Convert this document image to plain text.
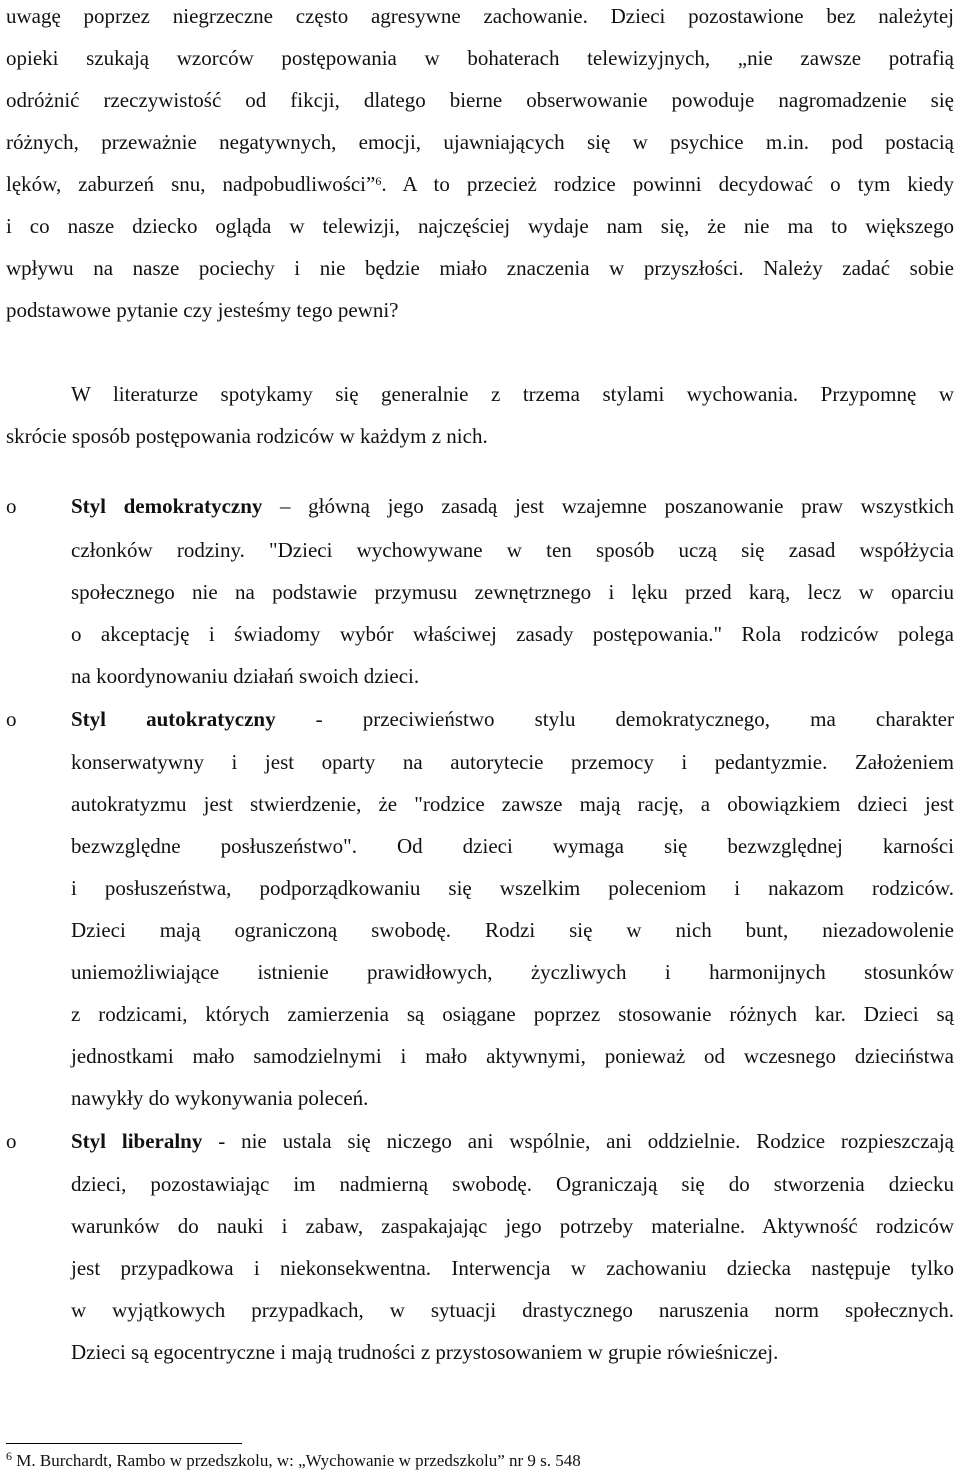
uwagę poprzez niegrzeczne często agresywne zachowanie. Dzieci pozostawione bez należytej
opieki szukają wzorców postępowania w bohaterach telewizyjnych, „nie zawsze potrafią
odróżnić rzeczywistość od fikcji, dlatego bierne obserwowanie powoduje nagromadzenie się
różnych, przeważnie negatywnych, emocji, ujawniających się w psychice m.in. pod postacią
lęków, zaburzeń snu, nadpobudliwości”$^6$. A to przecież rodzice powinni decydować o tym kiedy
i co nasze dziecko ogląda w telewizji, najczęściej wydaje nam się, że nie ma to większego
wpływu na nasze pociechy i nie będzie miało znaczenia w przyszłości. Należy zadać sobie
podstawowe pytanie czy jesteśmy tego pewni?
W literaturze spotykamy się generalnie z trzema stylami wychowania. Przypomnę w
skrócie sposób postępowania rodziców w każdym z nich.
o	Styl demokratyczny – główną jego zasadą jest wzajemne poszanowanie praw wszystkich
członków rodziny. "Dzieci wychowywane w ten sposób uczą się zasad współżycia
społecznego nie na podstawie przymusu zewnętrznego i lęku przed karą, lecz w oparciu
o akceptację i świadomy wybór właściwej zasady postępowania." Rola rodziców polega
na koordynowaniu działań swoich dzieci.
o	Styl autokratyczny - przeciwieństwo stylu demokratycznego, ma charakter
konserwatywny i jest oparty na autorytecie przemocy i pedantyzmie. Założeniem
autokratyzmu jest stwierdzenie, że "rodzice zawsze mają rację, a obowiązkiem dzieci jest
bezwzględne posłuszeństwo". Od dzieci wymaga się bezwzględnej karności
i posłuszeństwa, podporządkowaniu się wszelkim poleceniom i nakazom rodziców.
Dzieci mają ograniczoną swobodę. Rodzi się w nich bunt, niezadowolenie
uniemożliwiające istnienie prawidłowych, życzliwych i harmonijnych stosunków
z rodzicami, których zamierzenia są osiągane poprzez stosowanie różnych kar. Dzieci są
jednostkami mało samodzielnymi i mało aktywnymi, ponieważ od wczesnego dzieciństwa
nawykły do wykonywania poleceń.
o	Styl liberalny - nie ustala się niczego ani wspólnie, ani oddzielnie. Rodzice rozpieszczają
dzieci, pozostawiając im nadmierną swobodę. Ograniczają się do stworzenia dziecku
warunków do nauki i zabaw, zaspakajając jego potrzeby materialne. Aktywność rodziców
jest przypadkowa i niekonsekwentna. Interwencja w zachowaniu dziecka następuje tylko
w wyjątkowych przypadkach, w sytuacji drastycznego naruszenia norm społecznych.
Dzieci są egocentryczne i mają trudności z przystosowaniem w grupie rówieśniczej.
$^6$ M. Burchardt, Rambo w przedszkolu, w: „Wychowanie w przedszkolu” nr 9 s. 548
